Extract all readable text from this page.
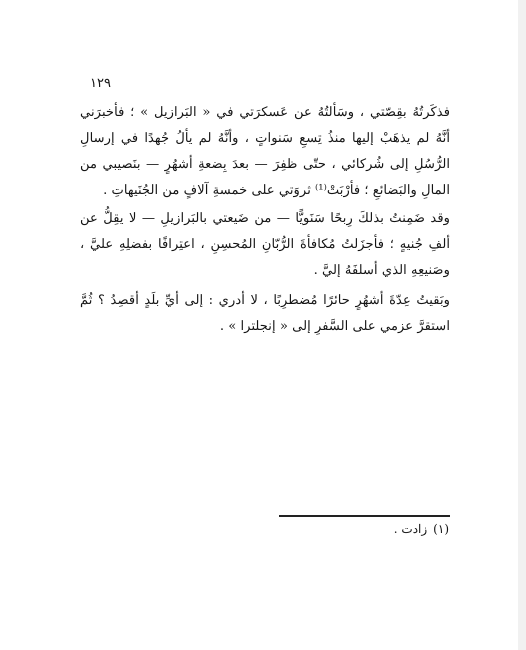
١٢٩

فذكَرتُهُ بقِصّتي ، وسَألتُهُ عن عَسكرَتي في « البَرازيل » ؛ فأخبرَني أنَّهُ لم يذهَبْ إليها منذُ تِسعِ سَنواتٍ ، وأنَّهُ لم يألُ جُهدًا في إرسالِ الرُّسُلِ إلى شُركائي ، حتّى ظفِرَ — بعدَ بِضعةِ أشهُرٍ — بنَصيبي من المالِ والبَضائعِ ؛ فأرْبَتْ⁽¹⁾ ثروَتي على خمسةِ آلافٍ من الجُنَيهاتِ .

وقد ضَمِنتُ بذلكَ رِبحًا سَنَويًّا — من ضَيعتي بالبَرازيلِ — لا يقِلُّ عن ألفِ جُنيهٍ ؛ فأجزَلتُ مُكافأةَ الرُّبّانِ المُحسِنِ ، اعتِرافًا بفضلِهِ عليَّ ، وصَنيعِهِ الذي أسلفَهُ إليَّ .

وبَقيتُ عِدّةَ أشهُرٍ حائرًا مُضطرِبًا ، لا أدري : إلى أيِّ بلَدٍ أقصِدُ ؟ ثُمَّ استقرَّ عزمي على السَّفرِ إلى « إنجلترا » .

(١)زادت .
